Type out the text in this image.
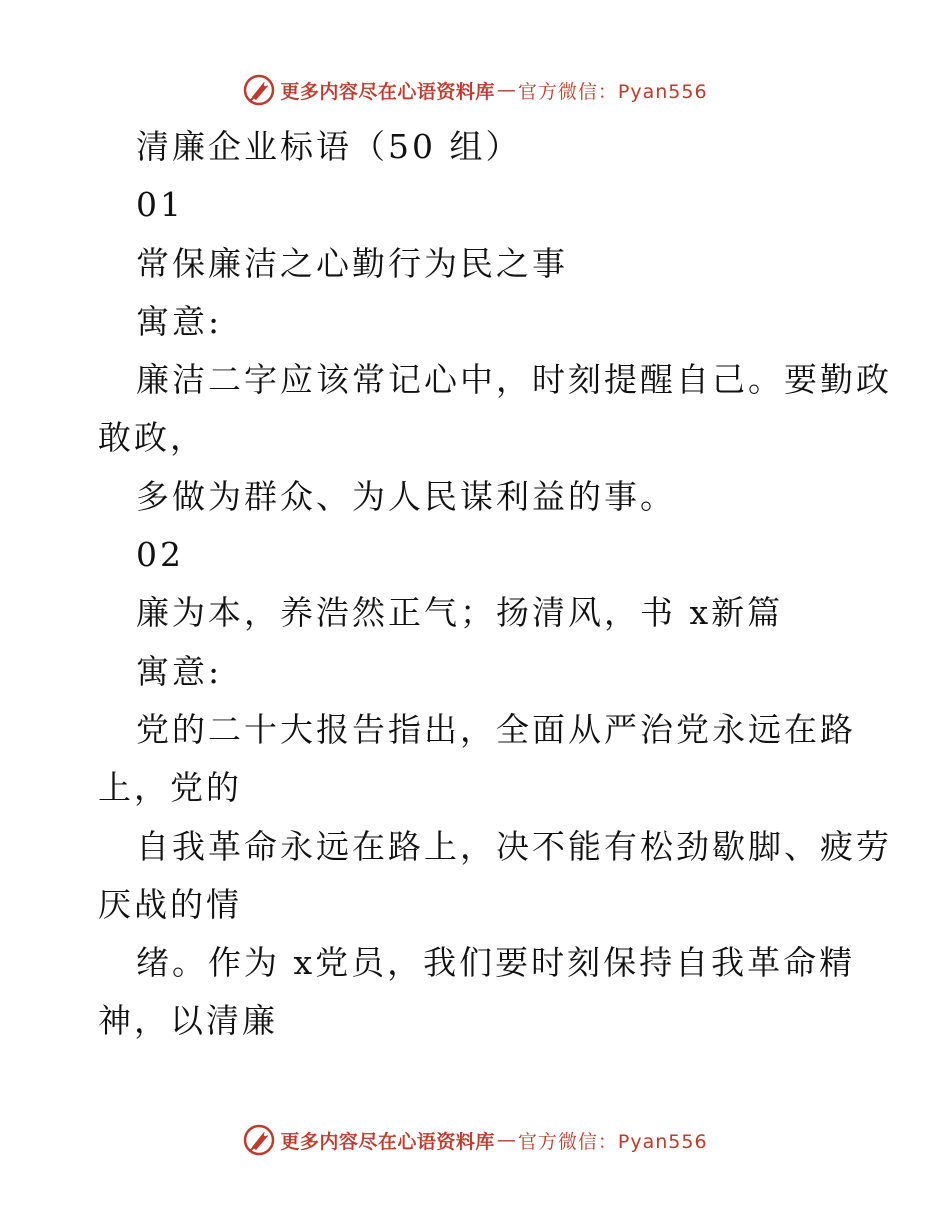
更多内容尽在心语资料库 — 官方微信：Pyan556
清廉企业标语（50 组）
01
常保廉洁之心勤行为民之事
寓意:
廉洁二字应该常记心中，时刻提醒自己。要勤政
敢政，
多做为群众、为人民谋利益的事。
02
廉为本，养浩然正气；扬清风，书 x新篇
寓意:
党的二十大报告指出，全面从严治党永远在路
上，党的
自我革命永远在路上，决不能有松劲歇脚、疲劳
厌战的情
绪。作为 x党员，我们要时刻保持自我革命精
神，以清廉
更多内容尽在心语资料库 — 官方微信：Pyan556
